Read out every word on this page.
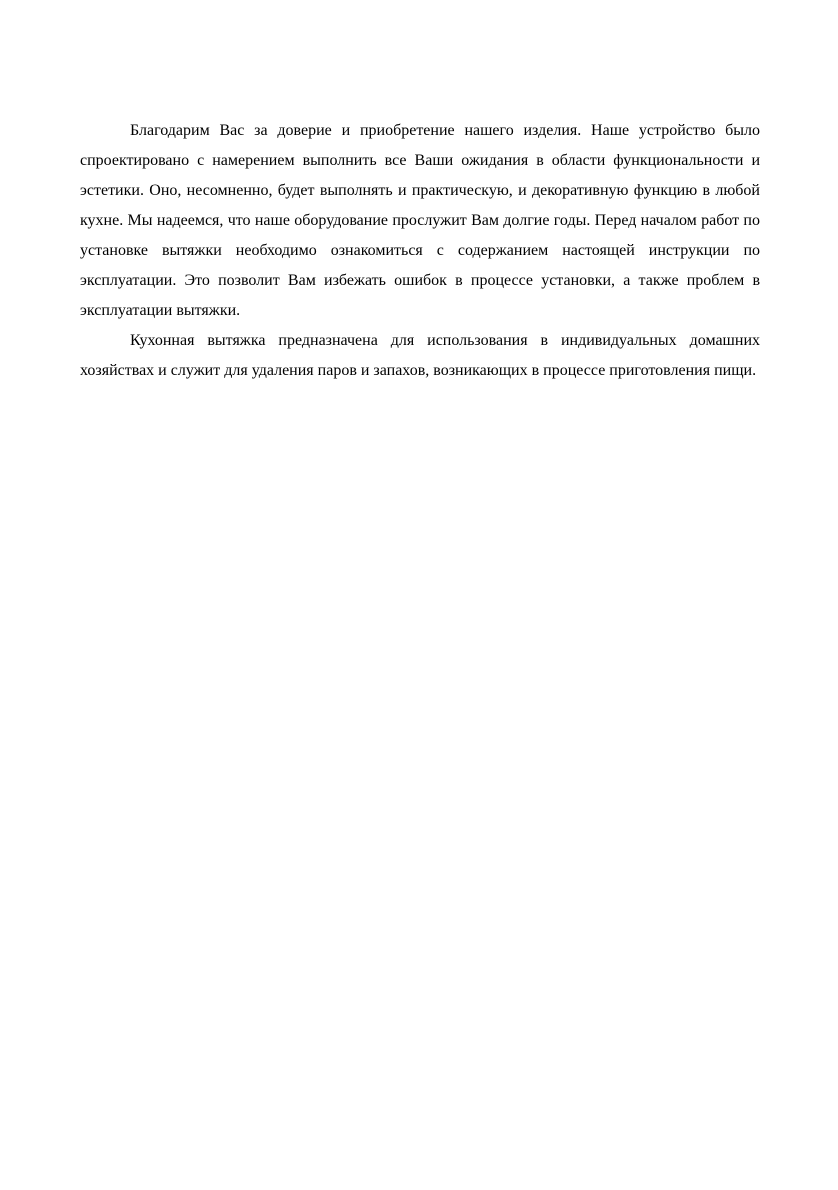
Благодарим Вас за доверие и приобретение нашего изделия. Наше устройство было спроектировано с намерением выполнить все Ваши ожидания в области функциональности и эстетики. Оно, несомненно, будет выполнять и практическую, и декоративную функцию в любой кухне. Мы надеемся, что наше оборудование прослужит Вам долгие годы. Перед началом работ по установке вытяжки необходимо ознакомиться с содержанием настоящей инструкции по эксплуатации. Это позволит Вам избежать ошибок в процессе установки, а также проблем в эксплуатации вытяжки.

Кухонная вытяжка предназначена для использования в индивидуальных домашних хозяйствах и служит для удаления паров и запахов, возникающих в процессе приготовления пищи.
